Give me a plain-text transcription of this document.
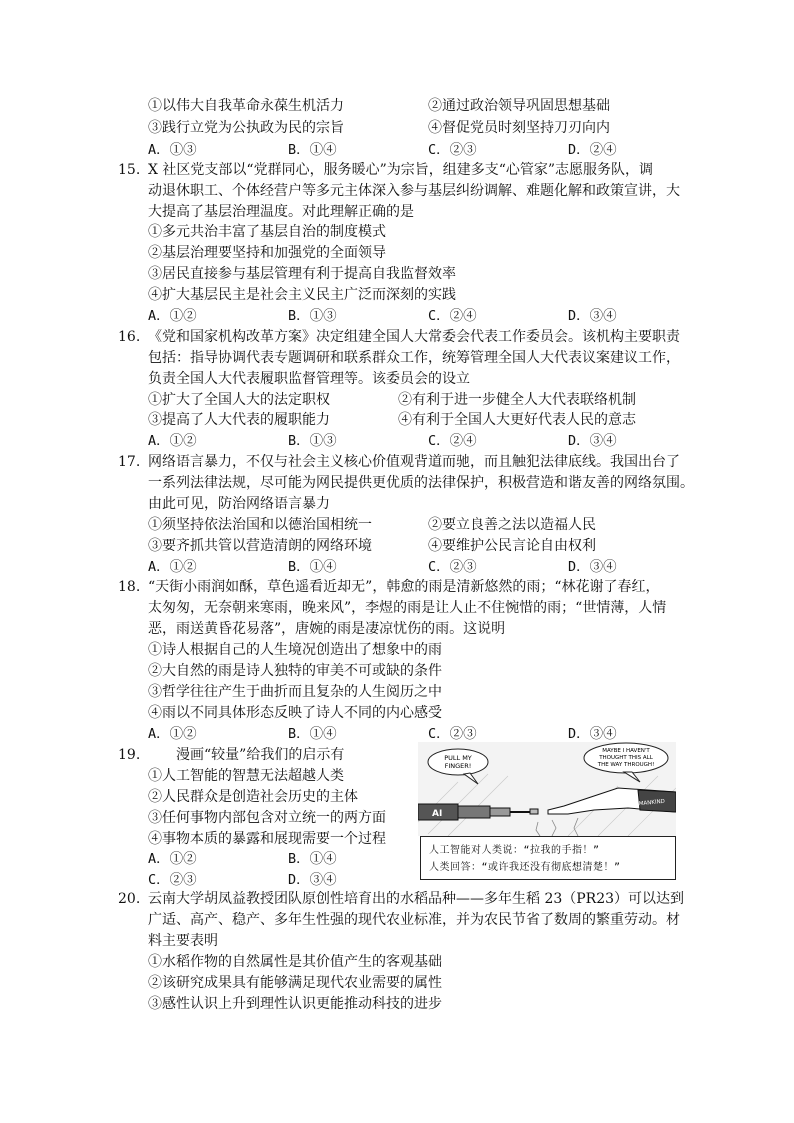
①以伟大自我革命永葆生机活力	②通过政治领导巩固思想基础
③践行立党为公执政为民的宗旨	④督促党员时刻坚持刀刃向内
A．①③	B．①④	C．②③	D．②④
15. X 社区党支部以“党群同心，服务暖心”为宗旨，组建多支“心管家”志愿服务队，调
动退休职工、个体经营户等多元主体深入参与基层纠纷调解、难题化解和政策宣讲，大
大提高了基层治理温度。对此理解正确的是
①多元共治丰富了基层自治的制度模式
②基层治理要坚持和加强党的全面领导
③居民直接参与基层管理有利于提高自我监督效率
④扩大基层民主是社会主义民主广泛而深刻的实践
A．①②	B．①③	C．②④	D．③④
16. 《党和国家机构改革方案》决定组建全国人大常委会代表工作委员会。该机构主要职责
包括：指导协调代表专题调研和联系群众工作，统筹管理全国人大代表议案建议工作，
负责全国人大代表履职监督管理等。该委员会的设立
①扩大了全国人大的法定职权	②有利于进一步健全人大代表联络机制
③提高了人大代表的履职能力	④有利于全国人大更好代表人民的意志
A．①②	B．①③	C．②④	D．③④
17. 网络语言暴力，不仅与社会主义核心价值观背道而驰，而且触犯法律底线。我国出台了
一系列法律法规，尽可能为网民提供更优质的法律保护，积极营造和谐友善的网络氛围。
由此可见，防治网络语言暴力
①须坚持依法治国和以德治国相统一	②要立良善之法以造福人民
③要齐抓共管以营造清朗的网络环境	④要维护公民言论自由权利
A．①②	B．①④	C．②③	D．③④
18. “天街小雨润如酥，草色遥看近却无”，韩愈的雨是清新悠然的雨；“林花谢了春红，
太匆匆，无奈朝来寒雨，晚来风”，李煜的雨是让人止不住惋惜的雨；“世情薄，人情
恶，雨送黄昏花易落”，唐婉的雨是凄凉忧伤的雨。这说明
①诗人根据自己的人生境况创造出了想象中的雨
②大自然的雨是诗人独特的审美不可或缺的条件
③哲学往往产生于曲折而且复杂的人生阅历之中
④雨以不同具体形态反映了诗人不同的内心感受
A．①②	B．①④	C．②③	D．③④
19.	漫画“较量”给我们的启示有
①人工智能的智慧无法超越人类
②人民群众是创造社会历史的主体
③任何事物内部包含对立统一的两方面
④事物本质的暴露和展现需要一个过程
A．①②	B．①④
C．②③	D．③④
PULL MY
FINGER!
MAYBE I HAVEN'T
THOUGHT THIS ALL
THE WAY THROUGH!
AI
MANKIND
人工智能对人类说：“拉我的手指！”
人类回答：“或许我还没有彻底想清楚！”
20. 云南大学胡凤益教授团队原创性培育出的水稻品种——多年生稻 23（PR23）可以达到
广适、高产、稳产、多年生性强的现代农业标准，并为农民节省了数周的繁重劳动。材
料主要表明
①水稻作物的自然属性是其价值产生的客观基础
②该研究成果具有能够满足现代农业需要的属性
③感性认识上升到理性认识更能推动科技的进步
